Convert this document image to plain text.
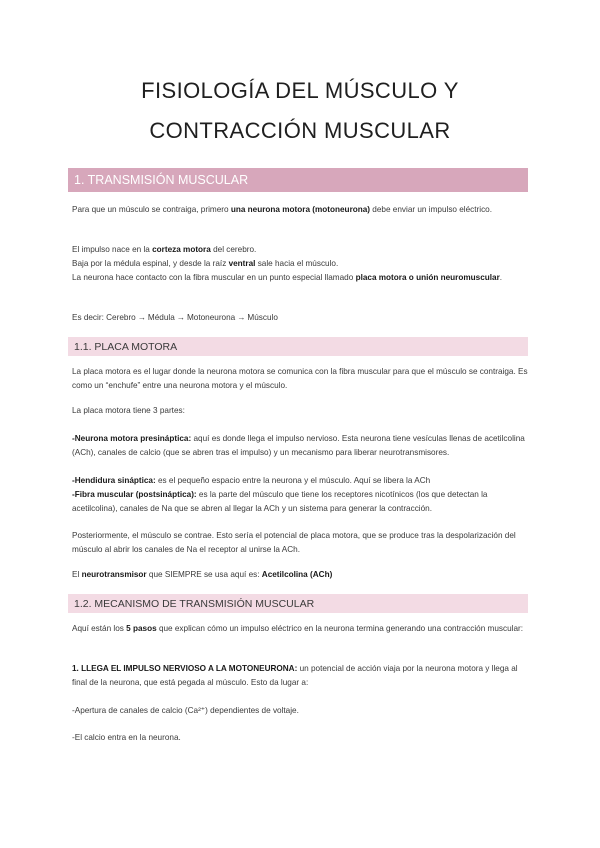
FISIOLOGÍA DEL MÚSCULO Y
CONTRACCIÓN MUSCULAR
1. TRANSMISIÓN MUSCULAR

Para que un músculo se contraiga, primero una neurona motora (motoneurona) debe enviar un impulso eléctrico.

El impulso nace en la corteza motora del cerebro.

Baja por la médula espinal, y desde la raíz ventral sale hacia el músculo.

La neurona hace contacto con la fibra muscular en un punto especial llamado placa motora o unión neuromuscular.

Es decir: Cerebro → Médula → Motoneurona → Músculo

1.1. PLACA MOTORA

La placa motora es el lugar donde la neurona motora se comunica con la fibra muscular para que el músculo se contraiga. Es como un “enchufe” entre una neurona motora y el músculo.

La placa motora tiene 3 partes:

-Neurona motora presináptica: aquí es donde llega el impulso nervioso. Esta neurona tiene vesículas llenas de acetilcolina (ACh), canales de calcio (que se abren tras el impulso) y un mecanismo para liberar neurotransmisores.

-Hendidura sináptica: es el pequeño espacio entre la neurona y el músculo. Aquí se libera la ACh

-Fibra muscular (postsináptica): es la parte del músculo que tiene los receptores nicotínicos (los que detectan la acetilcolina), canales de Na que se abren al llegar la ACh y un sistema para generar la contracción.

Posteriormente, el músculo se contrae. Esto sería el potencial de placa motora, que se produce tras la despolarización del músculo al abrir los canales de Na el receptor al unirse la ACh.

El neurotransmisor que SIEMPRE se usa aquí es: Acetilcolina (ACh)

1.2. MECANISMO DE TRANSMISIÓN MUSCULAR

Aquí están los 5 pasos que explican cómo un impulso eléctrico en la neurona termina generando una contracción muscular:

1. LLEGA EL IMPULSO NERVIOSO A LA MOTONEURONA: un potencial de acción viaja por la neurona motora y llega al final de la neurona, que está pegada al músculo. Esto da lugar a:

-Apertura de canales de calcio (Ca²⁺) dependientes de voltaje.

-El calcio entra en la neurona.
